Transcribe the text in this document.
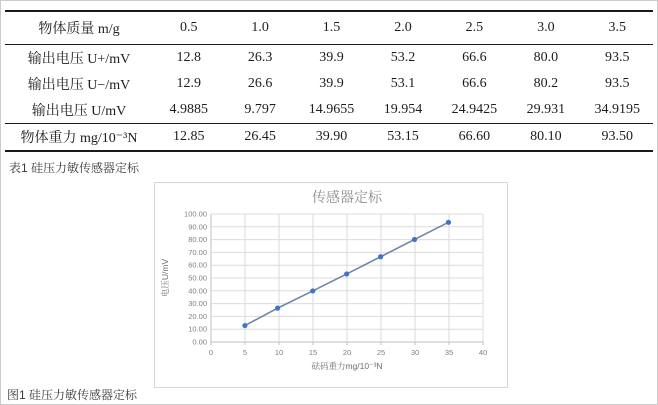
物体质量 m/g	0.5	1.0	1.5	2.0	2.5	3.0	3.5
输出电压 U+/mV	12.8	26.3	39.9	53.2	66.6	80.0	93.5
输出电压 U−/mV	12.9	26.6	39.9	53.1	66.6	80.2	93.5
输出电压 U/mV	4.9885	9.797	14.9655	19.954	24.9425	29.931	34.9195
物体重力 mg/10⁻³N	12.85	26.45	39.90	53.15	66.60	80.10	93.50
表1 硅压力敏传感器定标
0.00
10.00
20.00
30.00
40.00
50.00
60.00
70.00
80.00
90.00
100.00
0	5	10	15	20	25	30	35	40
传感器定标
砝码重力mg/10⁻³N
电压U/mV
图1 硅压力敏传感器定标
